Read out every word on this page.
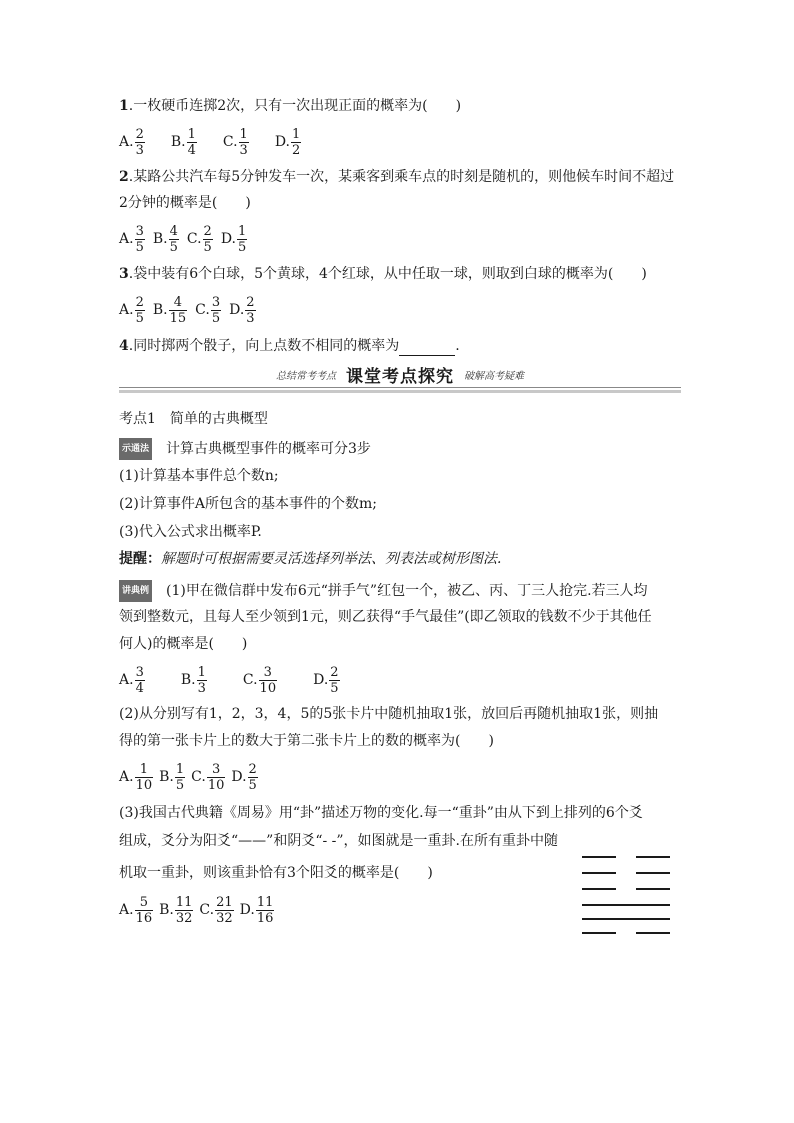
1.一枚硬币连掷2次，只有一次出现正面的概率为(　　)
A. $\frac{2}{3} B$. $\frac{1}{4} C$. $\frac{1}{3} D$. $\frac{1}{2}$
2.某路公共汽车每5分钟发车一次，某乘客到乘车点的时刻是随机的，则他候车时间不超过
2分钟的概率是(　　)
A. $\frac{3}{5} B$. $\frac{4}{5} C$. $\frac{2}{5} D$. $\frac{1}{5}$
3.袋中装有6个白球，5个黄球，4个红球，从中任取一球，则取到白球的概率为(　　)
A. $\frac{2}{5} B$. $\frac{4}{15} C$. $\frac{3}{5} D$. $\frac{2}{3}$
4.同时掷两个骰子，向上点数不相同的概率为	.
总结常考考点 课堂考点探究 破解高考疑难
考点1　简单的古典概型
示通法 计算古典概型事件的概率可分3步
(1)计算基本事件总个数n;
(2)计算事件A所包含的基本事件的个数m;
(3)代入公式求出概率P.
提醒：解题时可根据需要灵活选择列举法、列表法或树形图法.
讲典例 (1)甲在微信群中发布6元“拼手气”红包一个，被乙、丙、丁三人抢完.若三人均
领到整数元，且每人至少领到1元，则乙获得“手气最佳”(即乙领取的钱数不少于其他任
何人)的概率是(　　)
A. $\frac{3}{4}$	B. $\frac{1}{3}$	C. $\frac{3}{10}$	D. $\frac{2}{5}$
(2)从分别写有1，2，3，4，5的5张卡片中随机抽取1张，放回后再随机抽取1张，则抽
得的第一张卡片上的数大于第二张卡片上的数的概率为(　　)
A. $\frac{1}{10} B$. $\frac{1}{5} C$. $\frac{3}{10} D$. $\frac{2}{5}$
(3)我国古代典籍《周易》用“卦”描述万物的变化.每一“重卦”由从下到上排列的6个爻
组成，爻分为阳爻“——”和阴爻“- -”，如图就是一重卦.在所有重卦中随
机取一重卦，则该重卦恰有3个阳爻的概率是(　　)
A. $\frac{5}{16} B$. $\frac{11}{32} C$. $\frac{21}{32} D$. $\frac{11}{16}$
